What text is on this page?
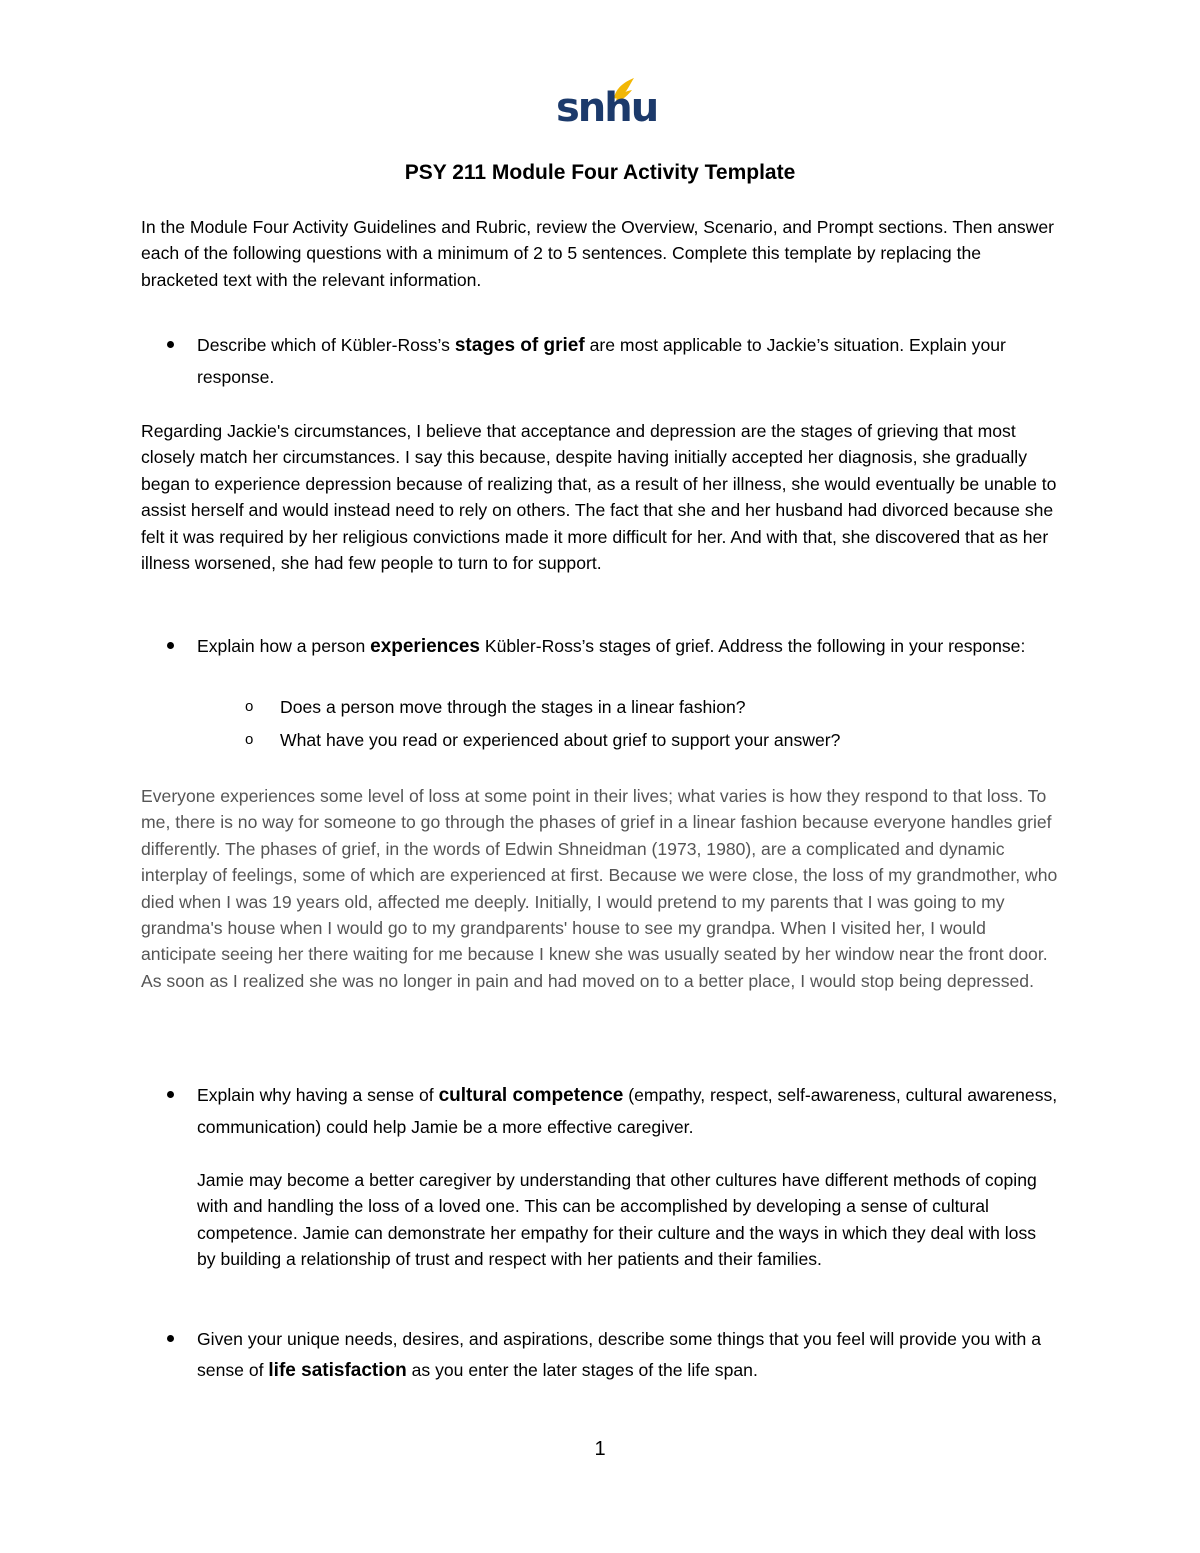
snhu
PSY 211 Module Four Activity Template

In the Module Four Activity Guidelines and Rubric, review the Overview, Scenario, and Prompt sections. Then answer each of the following questions with a minimum of 2 to 5 sentences. Complete this template by replacing the bracketed text with the relevant information.

Describe which of Kübler-Ross’s stages of grief are most applicable to Jackie’s situation. Explain your response.

Regarding Jackie's circumstances, I believe that acceptance and depression are the stages of grieving that most closely match her circumstances. I say this because, despite having initially accepted her diagnosis, she gradually began to experience depression because of realizing that, as a result of her illness, she would eventually be unable to assist herself and would instead need to rely on others. The fact that she and her husband had divorced because she felt it was required by her religious convictions made it more difficult for her. And with that, she discovered that as her illness worsened, she had few people to turn to for support.

Explain how a person experiences Kübler-Ross’s stages of grief. Address the following in your response:
o Does a person move through the stages in a linear fashion?
o What have you read or experienced about grief to support your answer?

Everyone experiences some level of loss at some point in their lives; what varies is how they respond to that loss. To me, there is no way for someone to go through the phases of grief in a linear fashion because everyone handles grief differently. The phases of grief, in the words of Edwin Shneidman (1973, 1980), are a complicated and dynamic interplay of feelings, some of which are experienced at first. Because we were close, the loss of my grandmother, who died when I was 19 years old, affected me deeply. Initially, I would pretend to my parents that I was going to my grandma's house when I would go to my grandparents' house to see my grandpa. When I visited her, I would anticipate seeing her there waiting for me because I knew she was usually seated by her window near the front door. As soon as I realized she was no longer in pain and had moved on to a better place, I would stop being depressed.

Explain why having a sense of cultural competence (empathy, respect, self-awareness, cultural awareness, communication) could help Jamie be a more effective caregiver.

Jamie may become a better caregiver by understanding that other cultures have different methods of coping with and handling the loss of a loved one. This can be accomplished by developing a sense of cultural competence. Jamie can demonstrate her empathy for their culture and the ways in which they deal with loss by building a relationship of trust and respect with her patients and their families.

Given your unique needs, desires, and aspirations, describe some things that you feel will provide you with a sense of life satisfaction as you enter the later stages of the life span.
1
